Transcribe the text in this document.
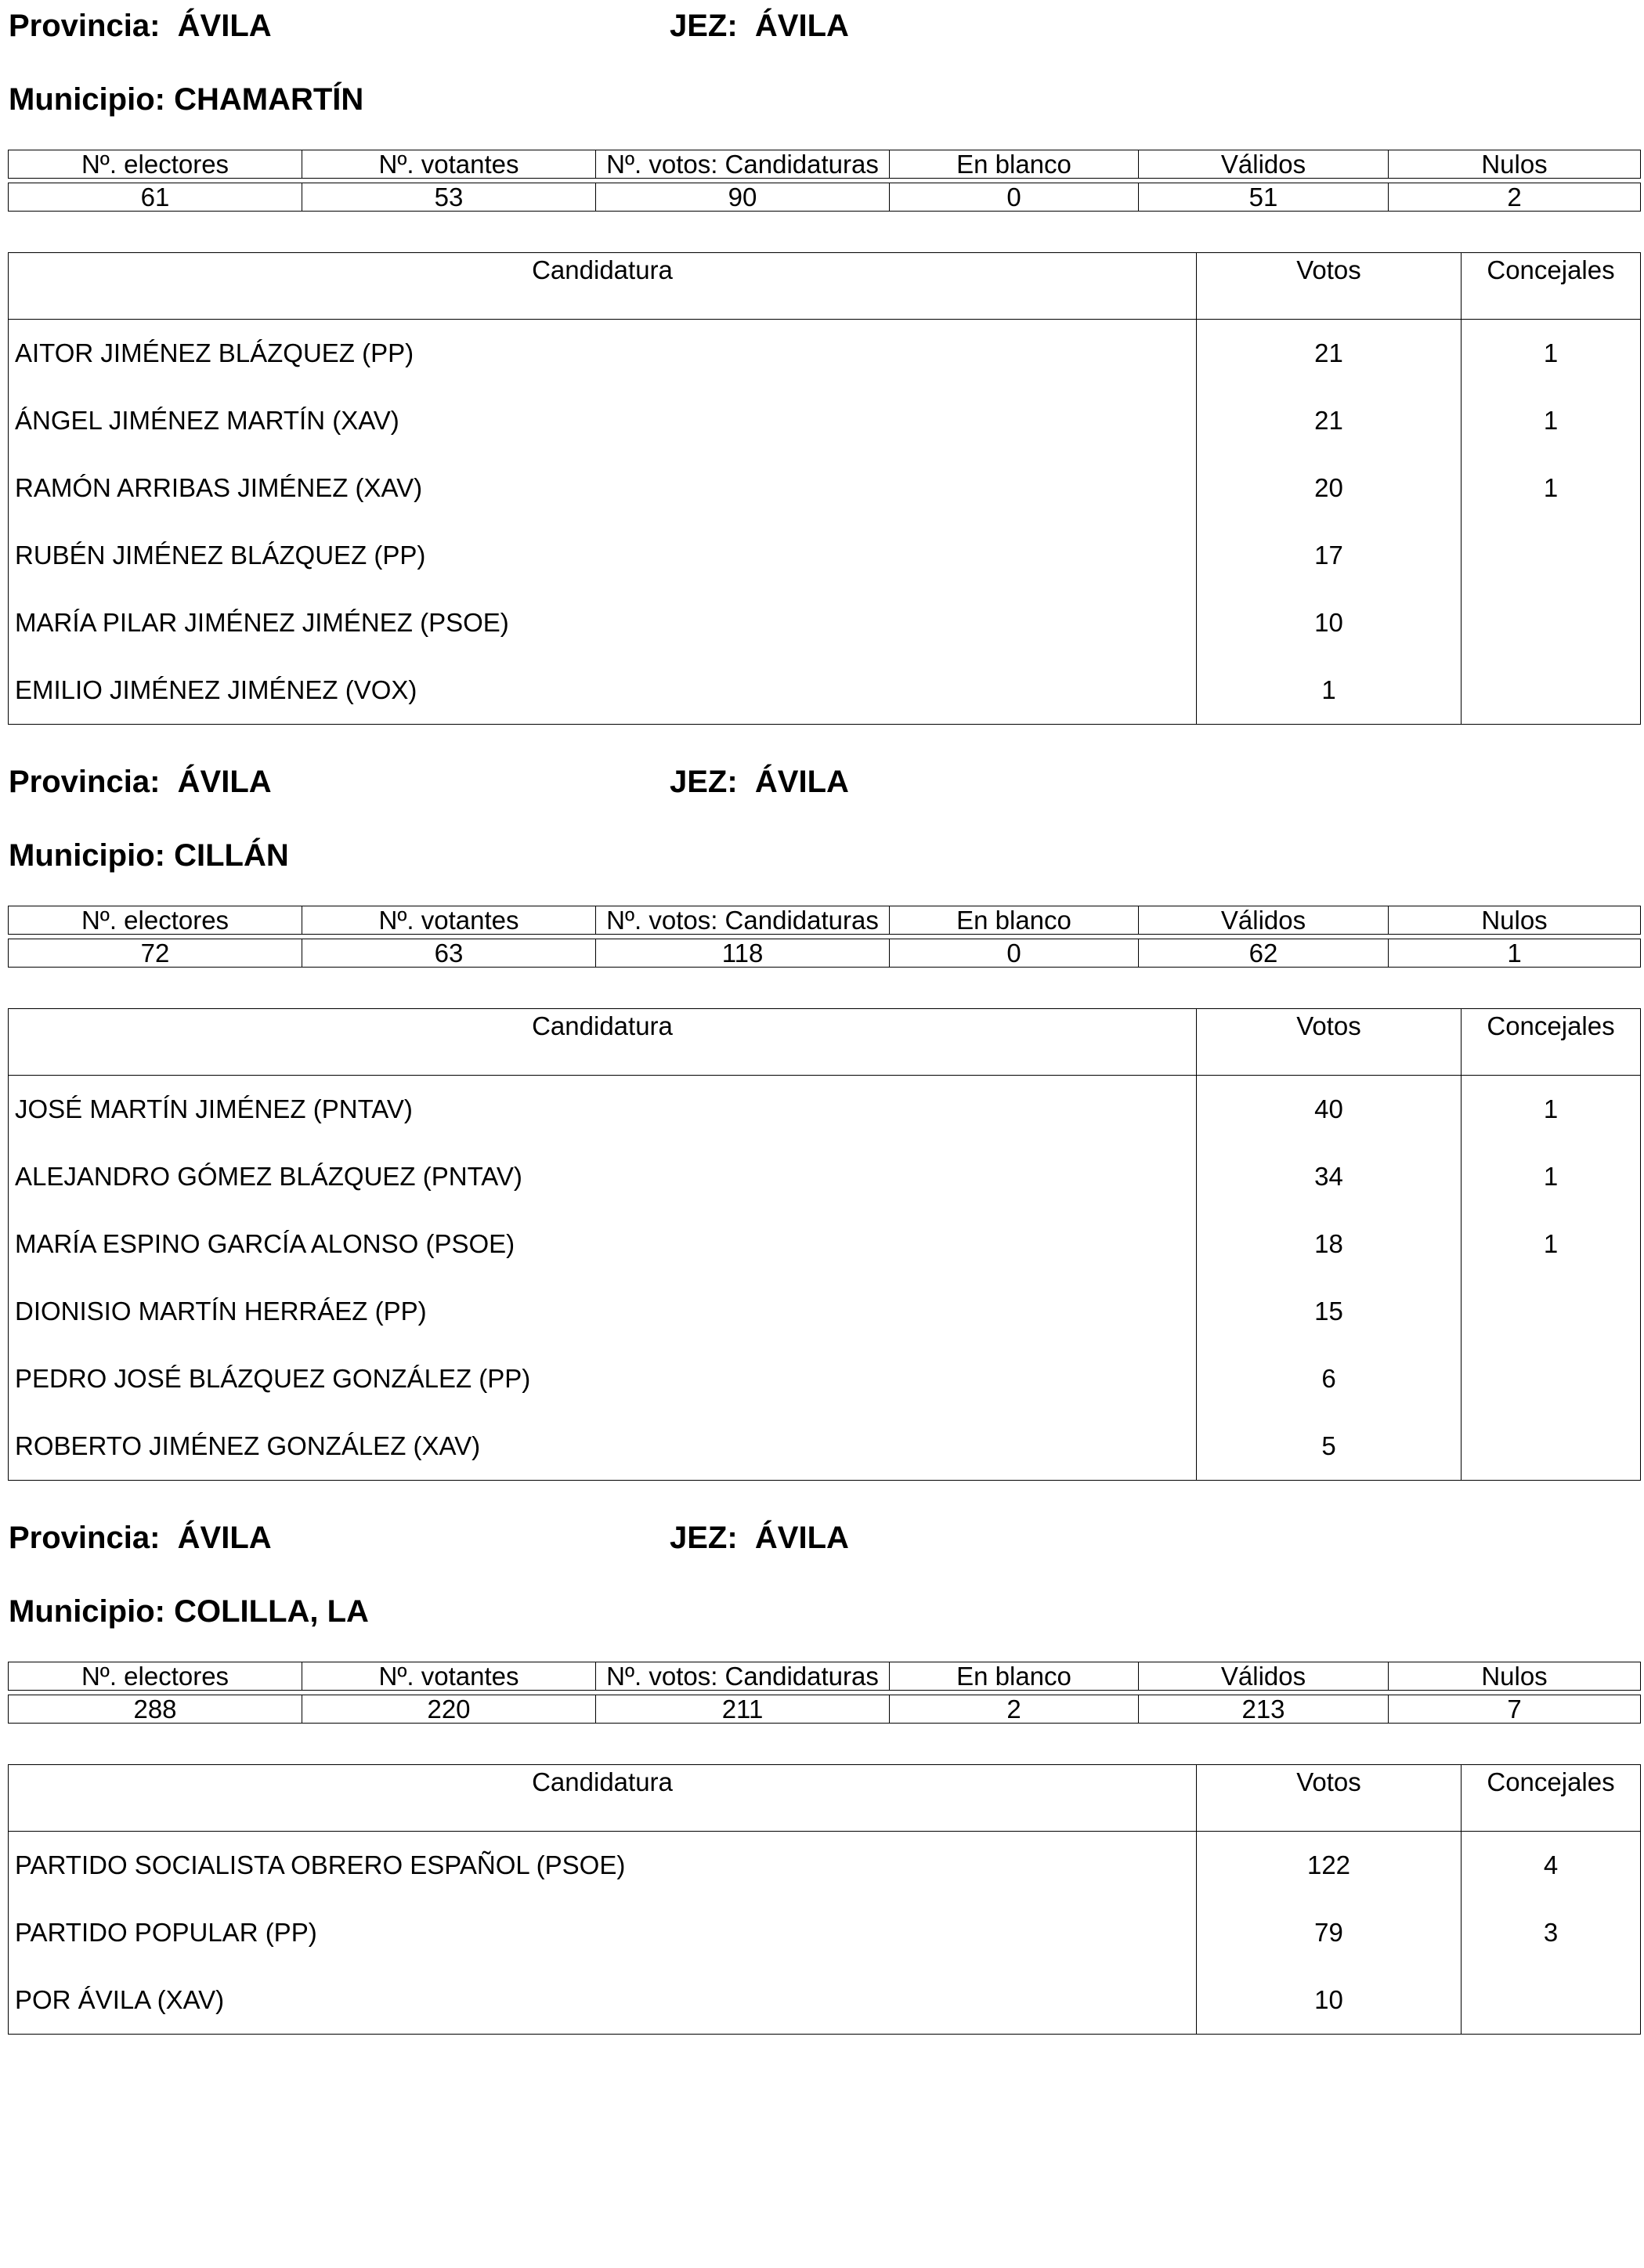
Provincia: ÁVILA	JEZ: ÁVILA
Municipio: CHAMARTÍN
Nº. electores	Nº. votantes	Nº. votos: Candidaturas	En blanco	Válidos	Nulos

61	53	90	0	51	2
Candidatura	Votos	Concejales
AITOR JIMÉNEZ BLÁZQUEZ (PP)	21	1
ÁNGEL JIMÉNEZ MARTÍN (XAV)	21	1
RAMÓN ARRIBAS JIMÉNEZ (XAV)	20	1
RUBÉN JIMÉNEZ BLÁZQUEZ (PP)	17	
MARÍA PILAR JIMÉNEZ JIMÉNEZ (PSOE)	10	
EMILIO JIMÉNEZ JIMÉNEZ (VOX)	1	
Provincia: ÁVILA	JEZ: ÁVILA
Municipio: CILLÁN
Nº. electores	Nº. votantes	Nº. votos: Candidaturas	En blanco	Válidos	Nulos

72	63	118	0	62	1
Candidatura	Votos	Concejales
JOSÉ MARTÍN JIMÉNEZ (PNTAV)	40	1
ALEJANDRO GÓMEZ BLÁZQUEZ (PNTAV)	34	1
MARÍA ESPINO GARCÍA ALONSO (PSOE)	18	1
DIONISIO MARTÍN HERRÁEZ (PP)	15	
PEDRO JOSÉ BLÁZQUEZ GONZÁLEZ (PP)	6	
ROBERTO JIMÉNEZ GONZÁLEZ (XAV)	5	
Provincia: ÁVILA	JEZ: ÁVILA
Municipio: COLILLA, LA
Nº. electores	Nº. votantes	Nº. votos: Candidaturas	En blanco	Válidos	Nulos

288	220	211	2	213	7
Candidatura	Votos	Concejales
PARTIDO SOCIALISTA OBRERO ESPAÑOL (PSOE)	122	4
PARTIDO POPULAR (PP)	79	3
POR ÁVILA (XAV)	10	
